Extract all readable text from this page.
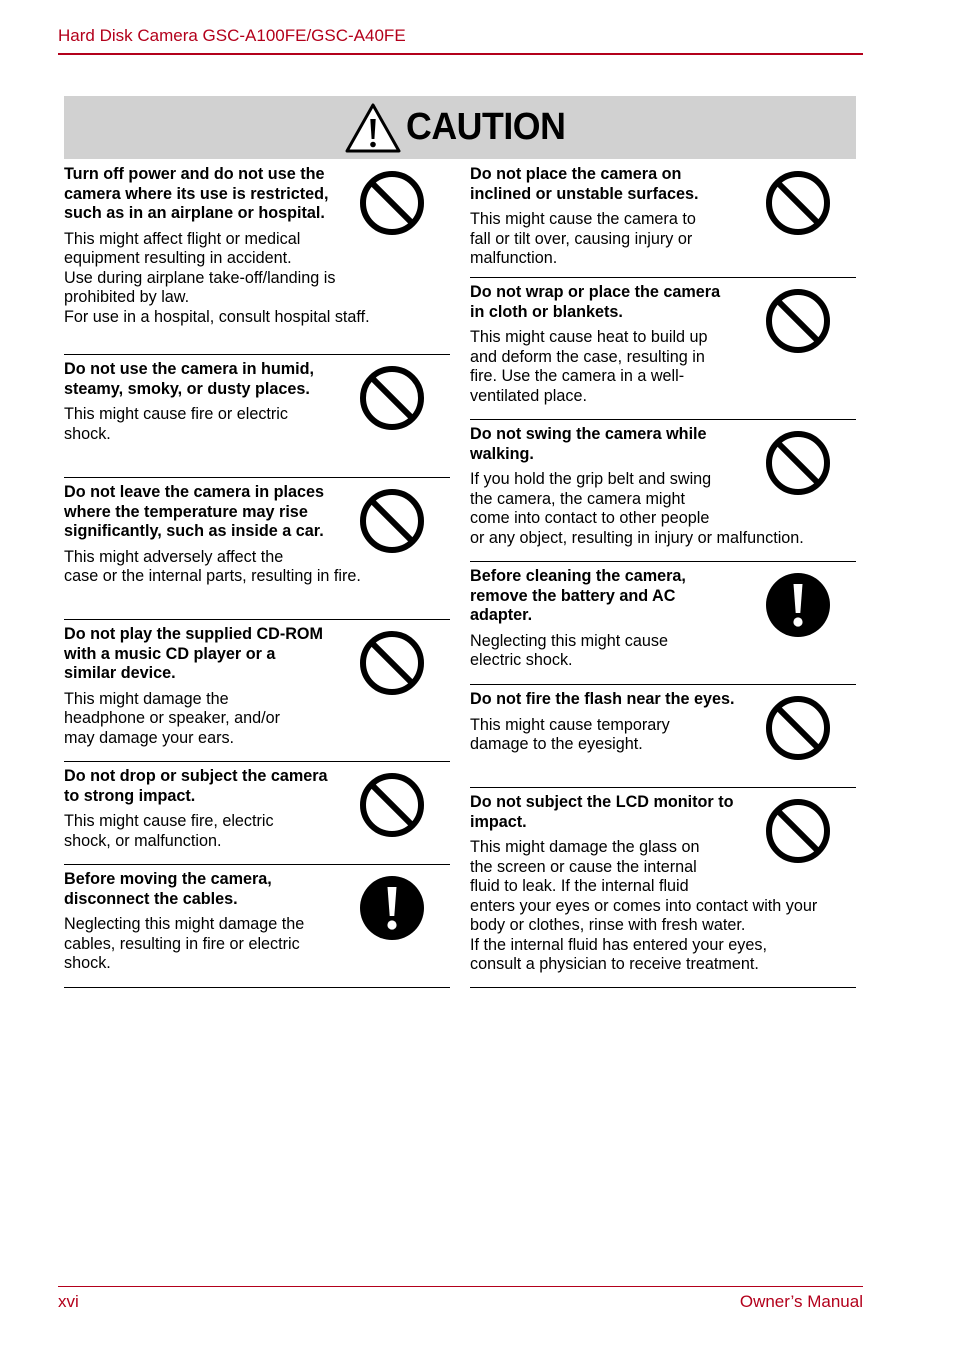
Hard Disk Camera GSC-A100FE/GSC-A40FE
CAUTION
Turn off power and do not use the camera where its use is restricted, such as in an airplane or hospital.
This might affect flight or medical
equipment resulting in accident.
Use during airplane take-off/landing is
prohibited by law.
For use in a hospital, consult hospital staff.
Do not use the camera in humid, steamy, smoky, or dusty places.
This might cause fire or electric
shock.
Do not leave the camera in places where the temperature may rise significantly, such as inside a car.
This might adversely affect the
case or the internal parts, resulting in fire.
Do not play the supplied CD-ROM with a music CD player or a similar device.
This might damage the
headphone or speaker, and/or
may damage your ears.
Do not drop or subject the camera to strong impact.
This might cause fire, electric
shock, or malfunction.
Before moving the camera, disconnect the cables.
Neglecting this might damage the
cables, resulting in fire or electric
shock.
Do not place the camera on inclined or unstable surfaces.
This might cause the camera to
fall or tilt over, causing injury or
malfunction.
Do not wrap or place the camera in cloth or blankets.
This might cause heat to build up
and deform the case, resulting in
fire. Use the camera in a well-
ventilated place.
Do not swing the camera while walking.
If you hold the grip belt and swing
the camera, the camera might
come into contact to other people
or any object, resulting in injury or malfunction.
Before cleaning the camera, remove the battery and AC adapter.
Neglecting this might cause
electric shock.
Do not fire the flash near the eyes.
This might cause temporary
damage to the eyesight.
Do not subject the LCD monitor to impact.
This might damage the glass on
the screen or cause the internal
fluid to leak. If the internal fluid
enters your eyes or comes into contact with your
body or clothes, rinse with fresh water.
If the internal fluid has entered your eyes,
consult a physician to receive treatment.
xvi	Owner’s Manual
